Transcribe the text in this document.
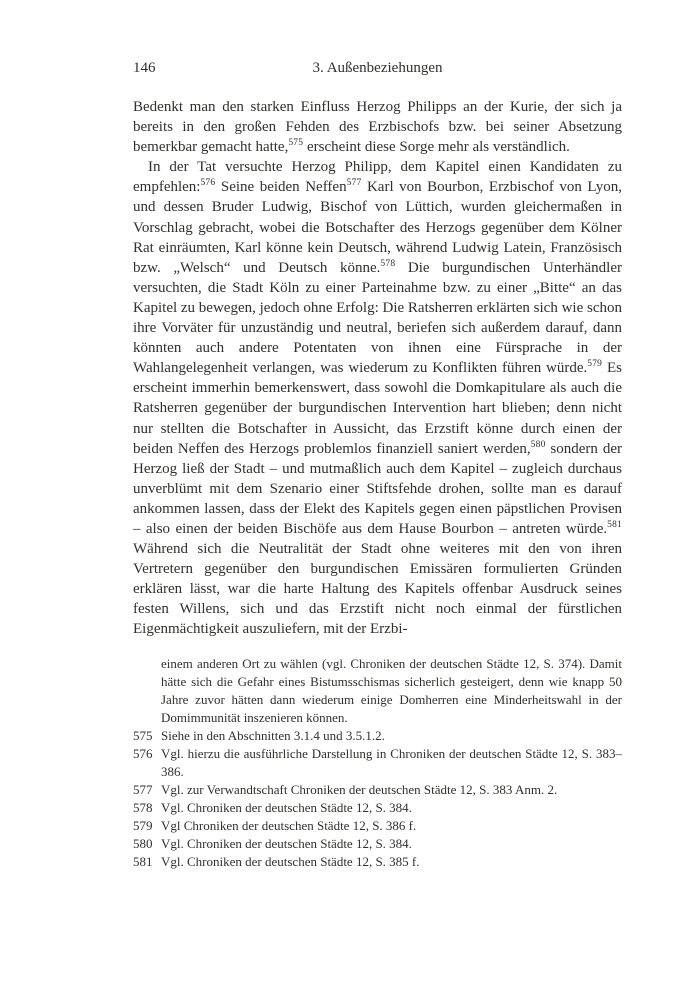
146	3. Außenbeziehungen

Bedenkt man den starken Einfluss Herzog Philipps an der Kurie, der sich ja bereits in den großen Fehden des Erzbischofs bzw. bei seiner Absetzung bemerkbar gemacht hatte,$^{575}$ erscheint diese Sorge mehr als verständlich.

In der Tat versuchte Herzog Philipp, dem Kapitel einen Kandidaten zu empfehlen:$^{576}$ Seine beiden Neffen$^{577}$ Karl von Bourbon, Erzbischof von Lyon, und dessen Bruder Ludwig, Bischof von Lüttich, wurden gleichermaßen in Vorschlag gebracht, wobei die Botschafter des Herzogs gegenüber dem Kölner Rat einräumten, Karl könne kein Deutsch, während Ludwig Latein, Französisch bzw. „Welsch“ und Deutsch könne.$^{578}$ Die burgundischen Unterhändler versuchten, die Stadt Köln zu einer Parteinahme bzw. zu einer „Bitte“ an das Kapitel zu bewegen, jedoch ohne Erfolg: Die Ratsherren erklärten sich wie schon ihre Vorväter für unzuständig und neutral, beriefen sich außerdem darauf, dann könnten auch andere Potentaten von ihnen eine Fürsprache in der Wahlangelegenheit verlangen, was wiederum zu Konflikten führen würde.$^{579}$ Es erscheint immerhin bemerkenswert, dass sowohl die Domkapitulare als auch die Ratsherren gegenüber der burgundischen Intervention hart blieben; denn nicht nur stellten die Botschafter in Aussicht, das Erzstift könne durch einen der beiden Neffen des Herzogs problemlos finanziell saniert werden,$^{580}$ sondern der Herzog ließ der Stadt – und mutmaßlich auch dem Kapitel – zugleich durchaus unverblümt mit dem Szenario einer Stiftsfehde drohen, sollte man es darauf ankommen lassen, dass der Elekt des Kapitels gegen einen päpstlichen Provisen – also einen der beiden Bischöfe aus dem Hause Bourbon – antreten würde.$^{581}$ Während sich die Neutralität der Stadt ohne weiteres mit den von ihren Vertretern gegenüber den burgundischen Emissären formulierten Gründen erklären lässt, war die harte Haltung des Kapitels offenbar Ausdruck seines festen Willens, sich und das Erzstift nicht noch einmal der fürstlichen Eigenmächtigkeit auszuliefern, mit der Erzbi-

einem anderen Ort zu wählen (vgl. Chroniken der deutschen Städte 12, S. 374). Damit hätte sich die Gefahr eines Bistumsschismas sicherlich gesteigert, denn wie knapp 50 Jahre zuvor hätten dann wiederum einige Domherren eine Minderheitswahl in der Domimmunität inszenieren können.
575 Siehe in den Abschnitten 3.1.4 und 3.5.1.2.
576 Vgl. hierzu die ausführliche Darstellung in Chroniken der deutschen Städte 12, S. 383–386.
577 Vgl. zur Verwandtschaft Chroniken der deutschen Städte 12, S. 383 Anm. 2.
578 Vgl. Chroniken der deutschen Städte 12, S. 384.
579 Vgl Chroniken der deutschen Städte 12, S. 386 f.
580 Vgl. Chroniken der deutschen Städte 12, S. 384.
581 Vgl. Chroniken der deutschen Städte 12, S. 385 f.
